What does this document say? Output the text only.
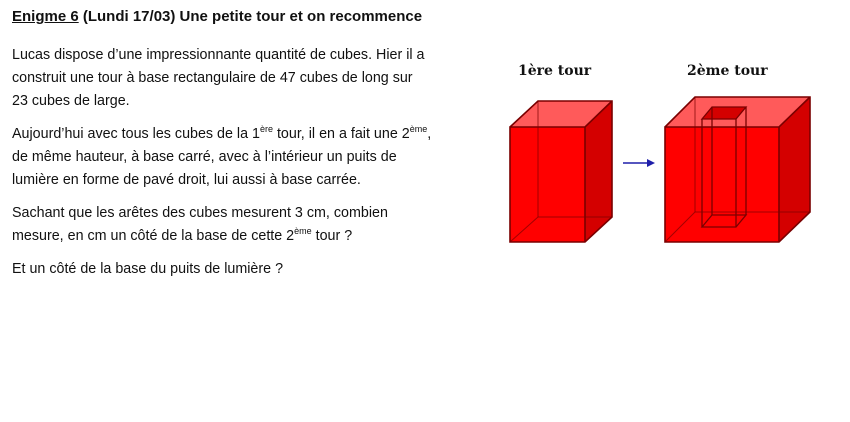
Enigme 6 (Lundi 17/03) Une petite tour et on recommence

Lucas dispose d’une impressionnante quantité de cubes. Hier il a construit une tour à base rectangulaire de 47 cubes de long sur 23 cubes de large.

Aujourd’hui avec tous les cubes de la 1ère tour, il en a fait une 2ème, de même hauteur, à base carré, avec à l’intérieur un puits de lumière en forme de pavé droit, lui aussi à base carrée.

Sachant que les arêtes des cubes mesurent 3 cm, combien mesure, en cm un côté de la base de cette 2ème tour ?

Et un côté de la base du puits de lumière ?

1ère tour	2ème tour
